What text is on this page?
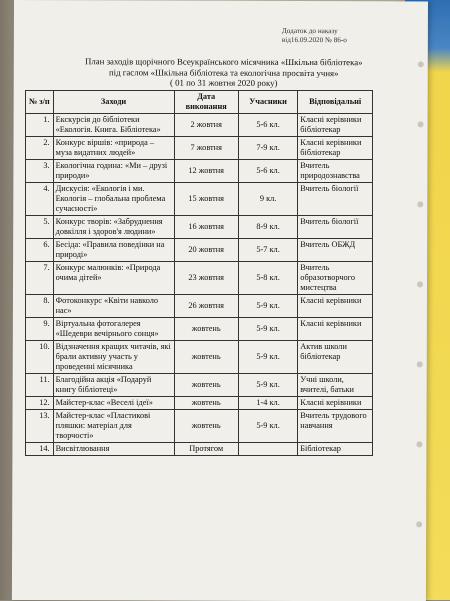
Додаток до наказу
від16.09.2020 № 86-о
План заходів щорічного Всеукраїнського місячника «Шкільна бібліотека»
під гаслом «Шкільна бібліотека та екологічна просвіта учня»
( 01 по 31 жовтня 2020 року)
№ з/п	Заходи	Дата виконання	Учасники	Відповідальні
1.	Екскурсія до бібліотеки «Екологія. Книга. Бібліотека»	2 жовтня	5-6 кл.	Класні керівники бібліотекар
2.	Конкурс віршів: «природа – муза видатних людей»	7 жовтня	7-9 кл.	Класні керівники бібліотекар
3.	Екологічна година: «Ми – друзі природи»	12 жовтня	5-6 кл.	Вчитель природознавства
4.	Дискусія: «Екологія і ми. Екологія – глобальна проблема сучасності»	15 жовтня	9 кл.	Вчитель біології
5.	Конкурс творів: «Забруднення довкілля і здоров'я людини»	16 жовтня	8-9 кл.	Вчитель біології
6.	Бесіда: «Правила поведінки на природі»	20 жовтня	5-7 кл.	Вчитель ОБЖД
7.	Конкурс малюнків: «Природа очима дітей»	23 жовтня	5-8 кл.	Вчитель образотворчого мистецтва
8.	Фотоконкурс «Квіти навколо нас»	26 жовтня	5-9 кл.	Класні керівники
9.	Віртуальна фотогалерея «Шедеври вечірнього сонця»	жовтень	5-9 кл.	Класні керівники
10.	Відзначення кращих читачів, які брали активну участь у проведенні місячника	жовтень	5-9 кл.	Актив школи бібліотекар
11.	Благодійна акція «Подаруй книгу бібліотеці»	жовтень	5-9 кл.	Учні школи, вчителі, батьки
12.	Майстер-клас «Веселі ідеї»	жовтень	1-4 кл.	Класні керівники
13.	Майстер-клас «Пластикові пляшки: матеріал для творчості»	жовтень	5-9 кл.	Вчитель трудового навчання
14.	Висвітлювання	Протягом		Бібліотекар
